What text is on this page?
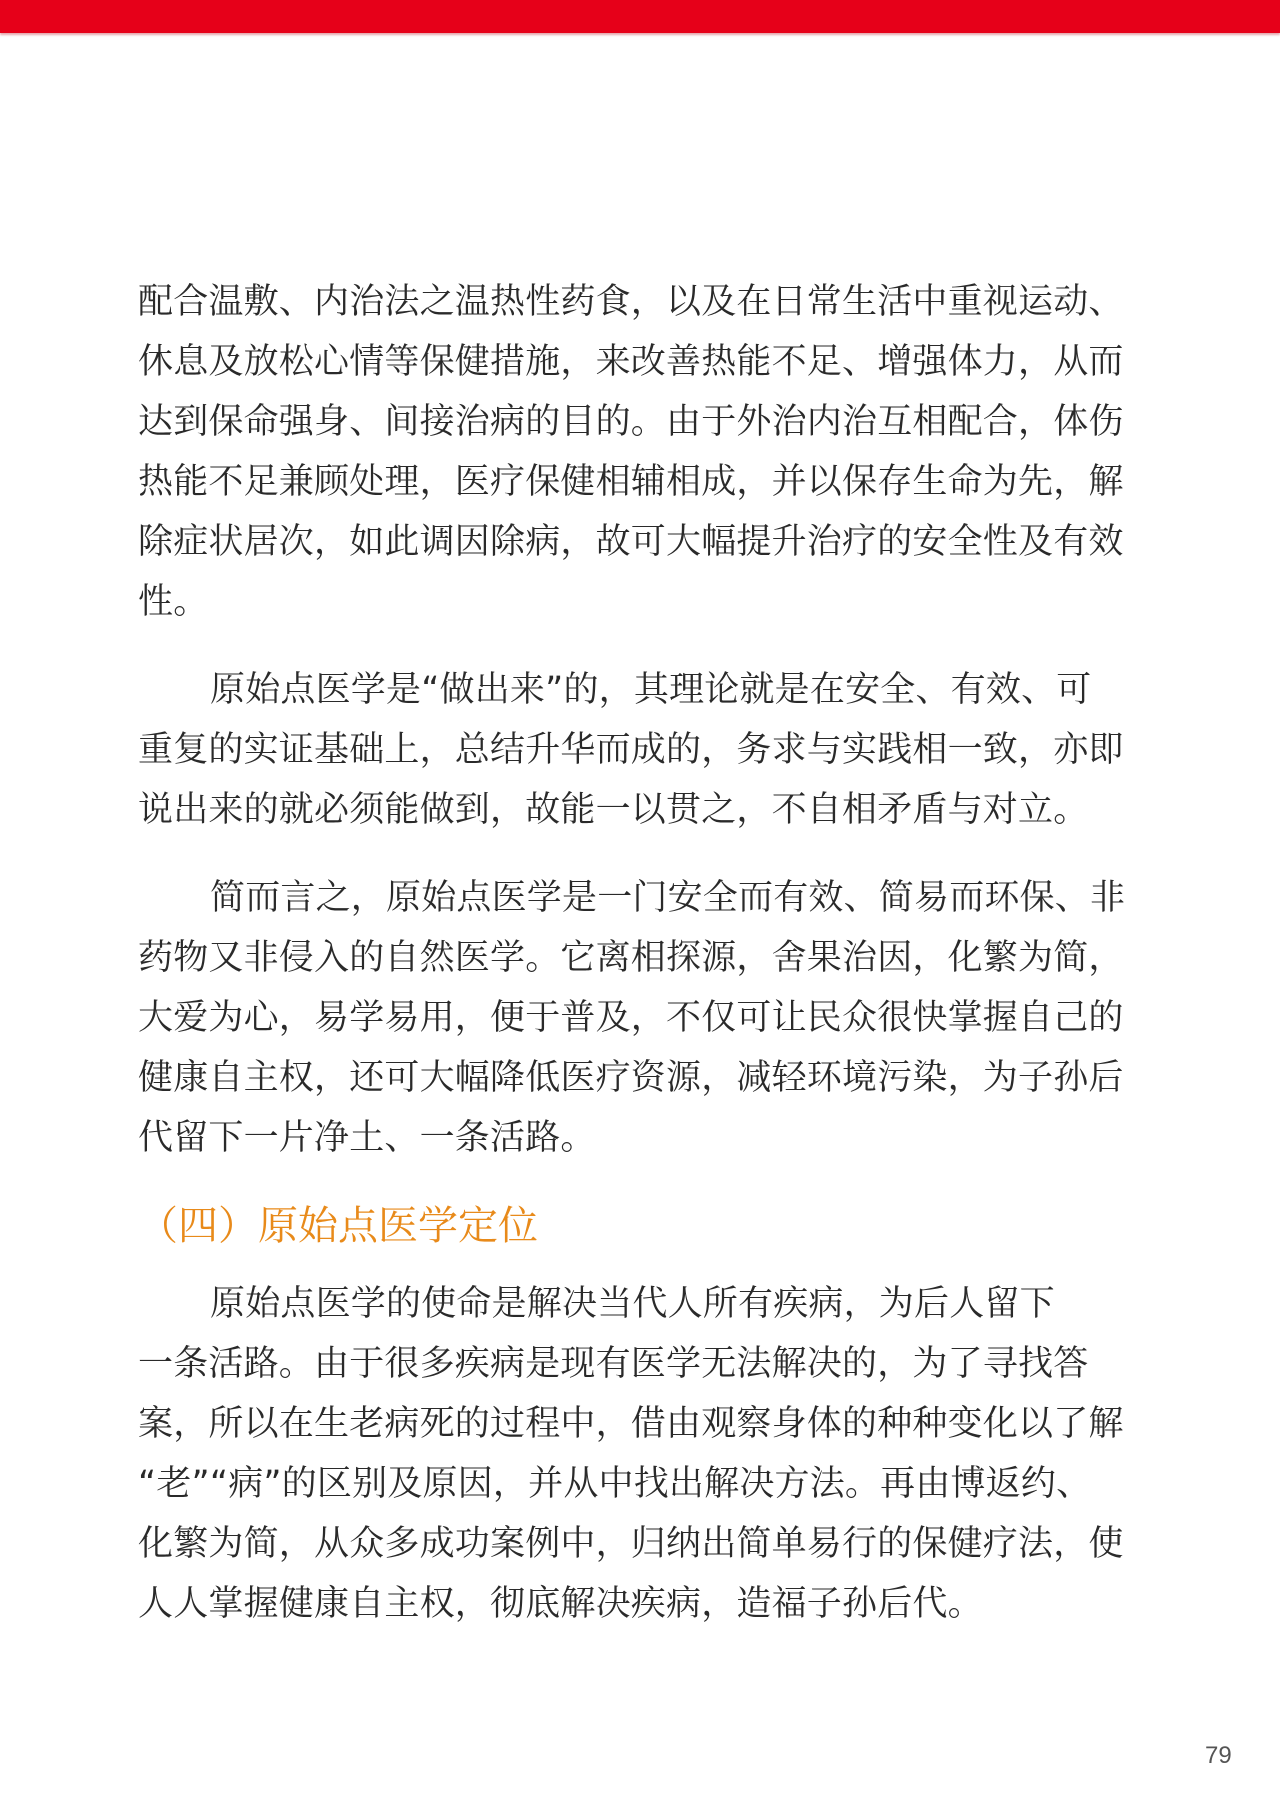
配合温敷、内治法之温热性药食，以及在日常生活中重视运动、
休息及放松心情等保健措施，来改善热能不足、增强体力，从而
达到保命强身、间接治病的目的。由于外治内治互相配合，体伤
热能不足兼顾处理，医疗保健相辅相成，并以保存生命为先，解
除症状居次，如此调因除病，故可大幅提升治疗的安全性及有效
性。

原始点医学是“做出来”的，其理论就是在安全、有效、可
重复的实证基础上，总结升华而成的，务求与实践相一致，亦即
说出来的就必须能做到，故能一以贯之，不自相矛盾与对立。

简而言之，原始点医学是一门安全而有效、简易而环保、非
药物又非侵入的自然医学。它离相探源，舍果治因，化繁为简，
大爱为心，易学易用，便于普及，不仅可让民众很快掌握自己的
健康自主权，还可大幅降低医疗资源，减轻环境污染，为子孙后
代留下一片净土、一条活路。

（四）原始点医学定位

原始点医学的使命是解决当代人所有疾病，为后人留下
一条活路。由于很多疾病是现有医学无法解决的，为了寻找答
案，所以在生老病死的过程中，借由观察身体的种种变化以了解
“老”“病”的区别及原因，并从中找出解决方法。再由博返约、
化繁为简，从众多成功案例中，归纳出简单易行的保健疗法，使
人人掌握健康自主权，彻底解决疾病，造福子孙后代。

79
